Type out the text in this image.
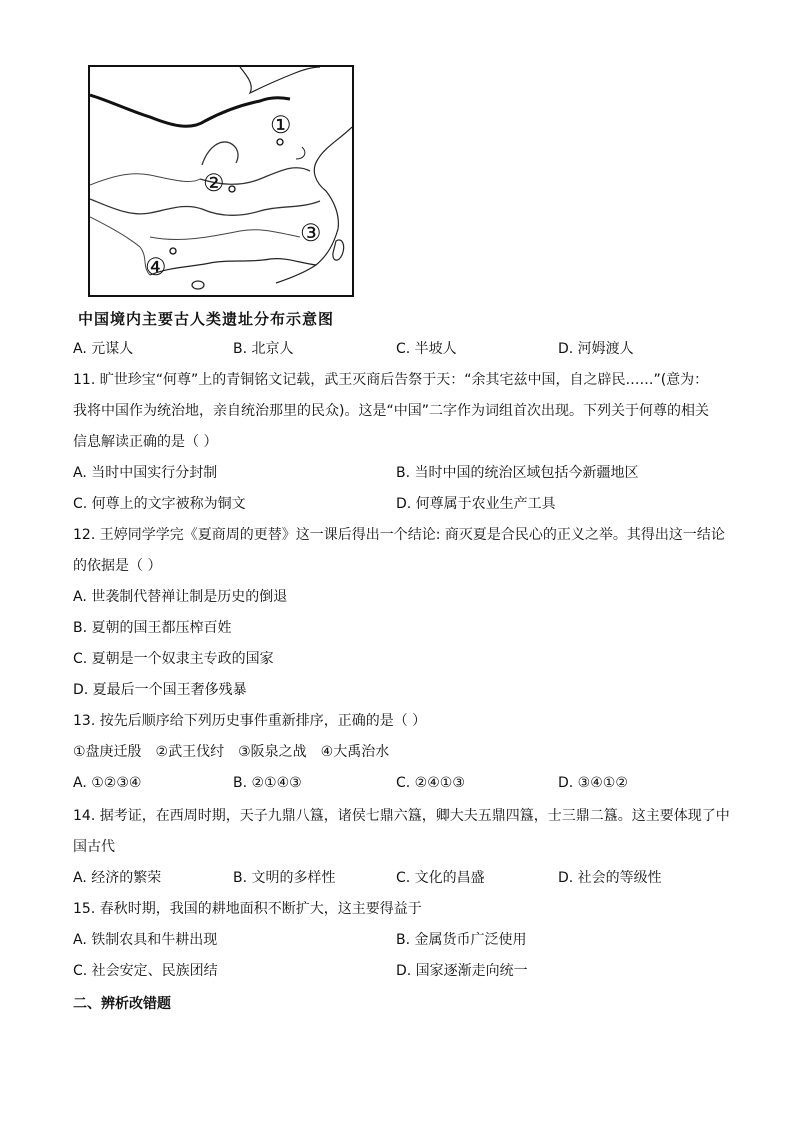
①
②
③
④
中国境内主要古人类遗址分布示意图
A. 元谋人	B. 北京人	C. 半坡人	D. 河姆渡人
11. 旷世珍宝“何尊”上的青铜铭文记载，武王灭商后告祭于天：“余其宅兹中国，自之辟民……”(意为：
我将中国作为统治地，亲自统治那里的民众)。这是“中国”二字作为词组首次出现。下列关于何尊的相关
信息解读正确的是（ ）
A. 当时中国实行分封制	B. 当时中国的统治区域包括今新疆地区
C. 何尊上的文字被称为铜文	D. 何尊属于农业生产工具
12. 王婷同学学完《夏商周的更替》这一课后得出一个结论: 商灭夏是合民心的正义之举。其得出这一结论
的依据是（ ）
A. 世袭制代替禅让制是历史的倒退
B. 夏朝的国王都压榨百姓
C. 夏朝是一个奴隶主专政的国家
D. 夏最后一个国王奢侈残暴
13. 按先后顺序给下列历史事件重新排序，正确的是（ ）
①盘庚迁殷　②武王伐纣　③阪泉之战　④大禹治水
A. ①②③④	B. ②①④③	C. ②④①③	D. ③④①②
14. 据考证，在西周时期，天子九鼎八簋，诸侯七鼎六簋，卿大夫五鼎四簋，士三鼎二簋。这主要体现了中
国古代
A. 经济的繁荣	B. 文明的多样性	C. 文化的昌盛	D. 社会的等级性
15. 春秋时期，我国的耕地面积不断扩大，这主要得益于
A. 铁制农具和牛耕出现	B. 金属货币广泛使用
C. 社会安定、民族团结	D. 国家逐渐走向统一
二、辨析改错题
